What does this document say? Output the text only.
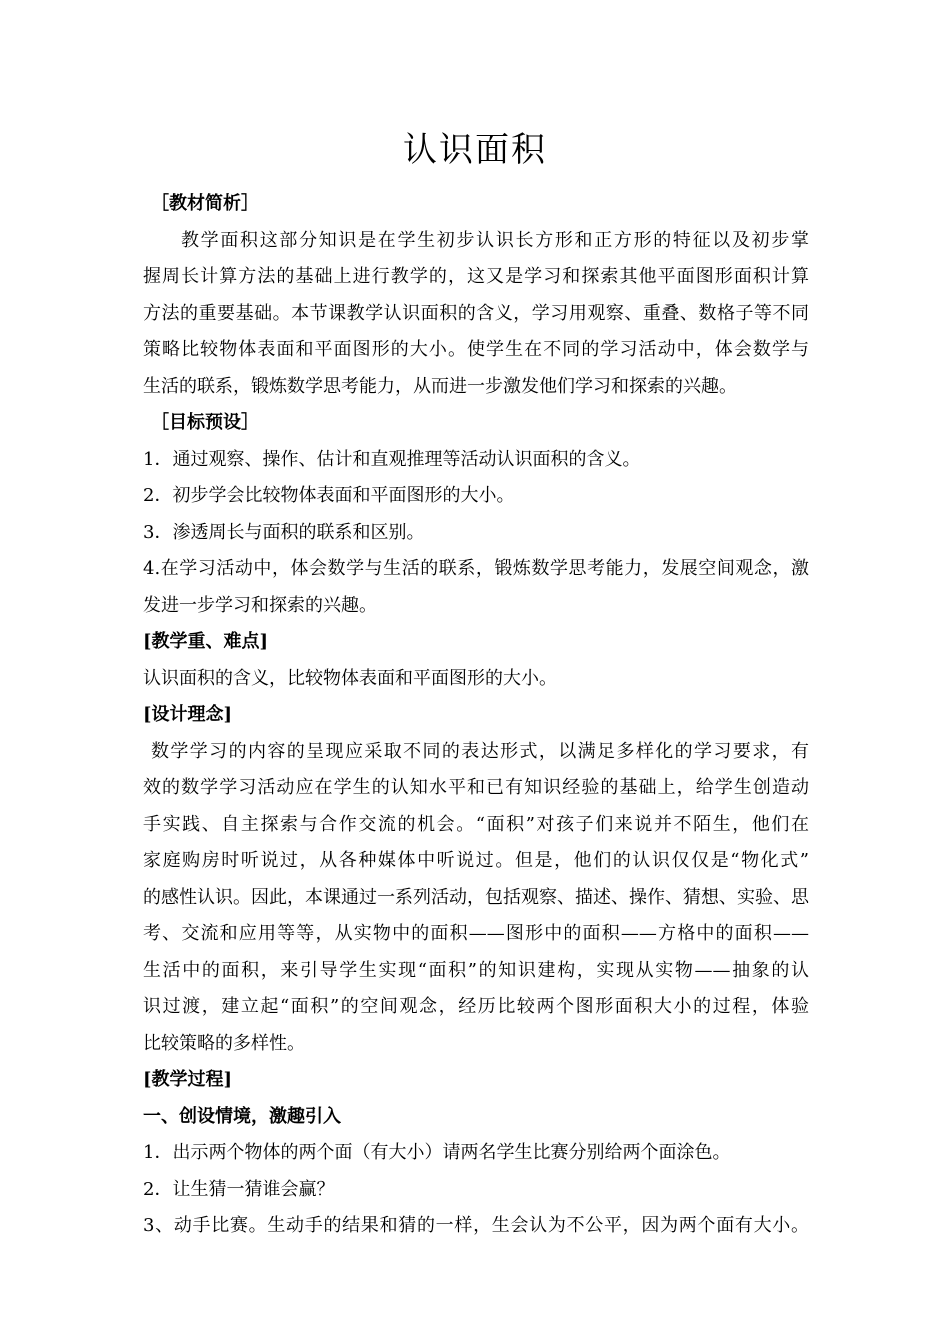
认识面积
［教材简析］
教学面积这部分知识是在学生初步认识长方形和正方形的特征以及初步掌
握周长计算方法的基础上进行教学的，这又是学习和探索其他平面图形面积计算
方法的重要基础。本节课教学认识面积的含义，学习用观察、重叠、数格子等不同
策略比较物体表面和平面图形的大小。使学生在不同的学习活动中，体会数学与
生活的联系，锻炼数学思考能力，从而进一步激发他们学习和探索的兴趣。
［目标预设］
1．通过观察、操作、估计和直观推理等活动认识面积的含义。
2．初步学会比较物体表面和平面图形的大小。
3．渗透周长与面积的联系和区别。
4.在学习活动中，体会数学与生活的联系，锻炼数学思考能力，发展空间观念，激
发进一步学习和探索的兴趣。
[教学重、难点]
认识面积的含义，比较物体表面和平面图形的大小。
[设计理念]
数学学习的内容的呈现应采取不同的表达形式，以满足多样化的学习要求，有
效的数学学习活动应在学生的认知水平和已有知识经验的基础上，给学生创造动
手实践、自主探索与合作交流的机会。“面积”对孩子们来说并不陌生，他们在
家庭购房时听说过，从各种媒体中听说过。但是，他们的认识仅仅是“物化式”
的感性认识。因此，本课通过一系列活动，包括观察、描述、操作、猜想、实验、思
考、交流和应用等等，从实物中的面积——图形中的面积——方格中的面积——
生活中的面积，来引导学生实现“面积”的知识建构，实现从实物——抽象的认
识过渡，建立起“面积”的空间观念，经历比较两个图形面积大小的过程，体验
比较策略的多样性。
[教学过程]
一、创设情境，激趣引入
1．出示两个物体的两个面（有大小）请两名学生比赛分别给两个面涂色。
2．让生猜一猜谁会赢？
3、动手比赛。生动手的结果和猜的一样，生会认为不公平，因为两个面有大小。
